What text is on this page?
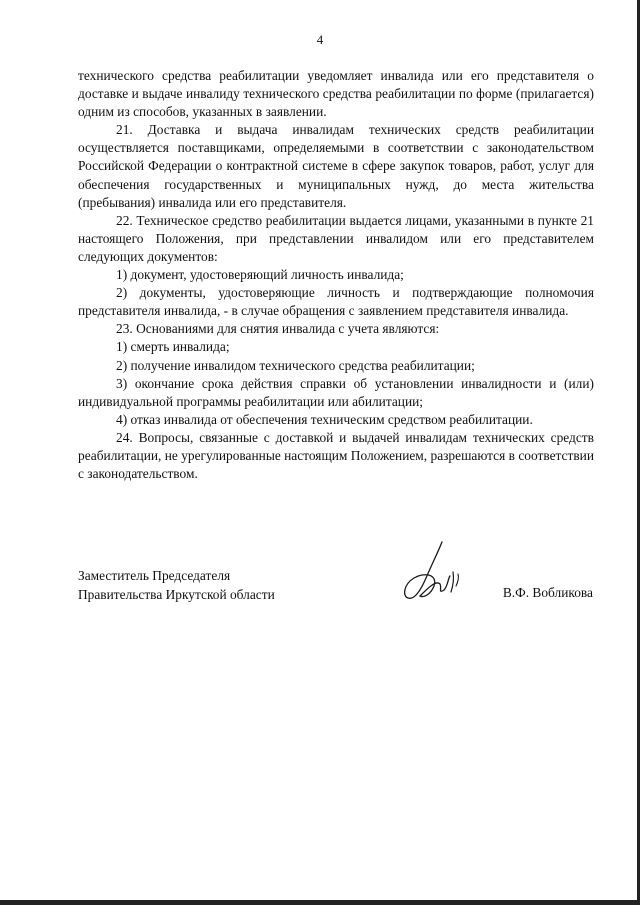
4

технического средства реабилитации уведомляет инвалида или его представителя о доставке и выдаче инвалиду технического средства реабилитации по форме (прилагается) одним из способов, указанных в заявлении.

21. Доставка и выдача инвалидам технических средств реабилитации осуществляется поставщиками, определяемыми в соответствии с законодательством Российской Федерации о контрактной системе в сфере закупок товаров, работ, услуг для обеспечения государственных и муниципальных нужд, до места жительства (пребывания) инвалида или его представителя.

22. Техническое средство реабилитации выдается лицами, указанными в пункте 21 настоящего Положения, при представлении инвалидом или его представителем следующих документов:

1) документ, удостоверяющий личность инвалида;

2) документы, удостоверяющие личность и подтверждающие полномочия представителя инвалида, - в случае обращения с заявлением представителя инвалида.

23. Основаниями для снятия инвалида с учета являются:

1) смерть инвалида;

2) получение инвалидом технического средства реабилитации;

3) окончание срока действия справки об установлении инвалидности и (или) индивидуальной программы реабилитации или абилитации;

4) отказ инвалида от обеспечения техническим средством реабилитации.

24. Вопросы, связанные с доставкой и выдачей инвалидам технических средств реабилитации, не урегулированные настоящим Положением, разрешаются в соответствии с законодательством.

Заместитель Председателя
Правительства Иркутской области	В.Ф. Вобликова
